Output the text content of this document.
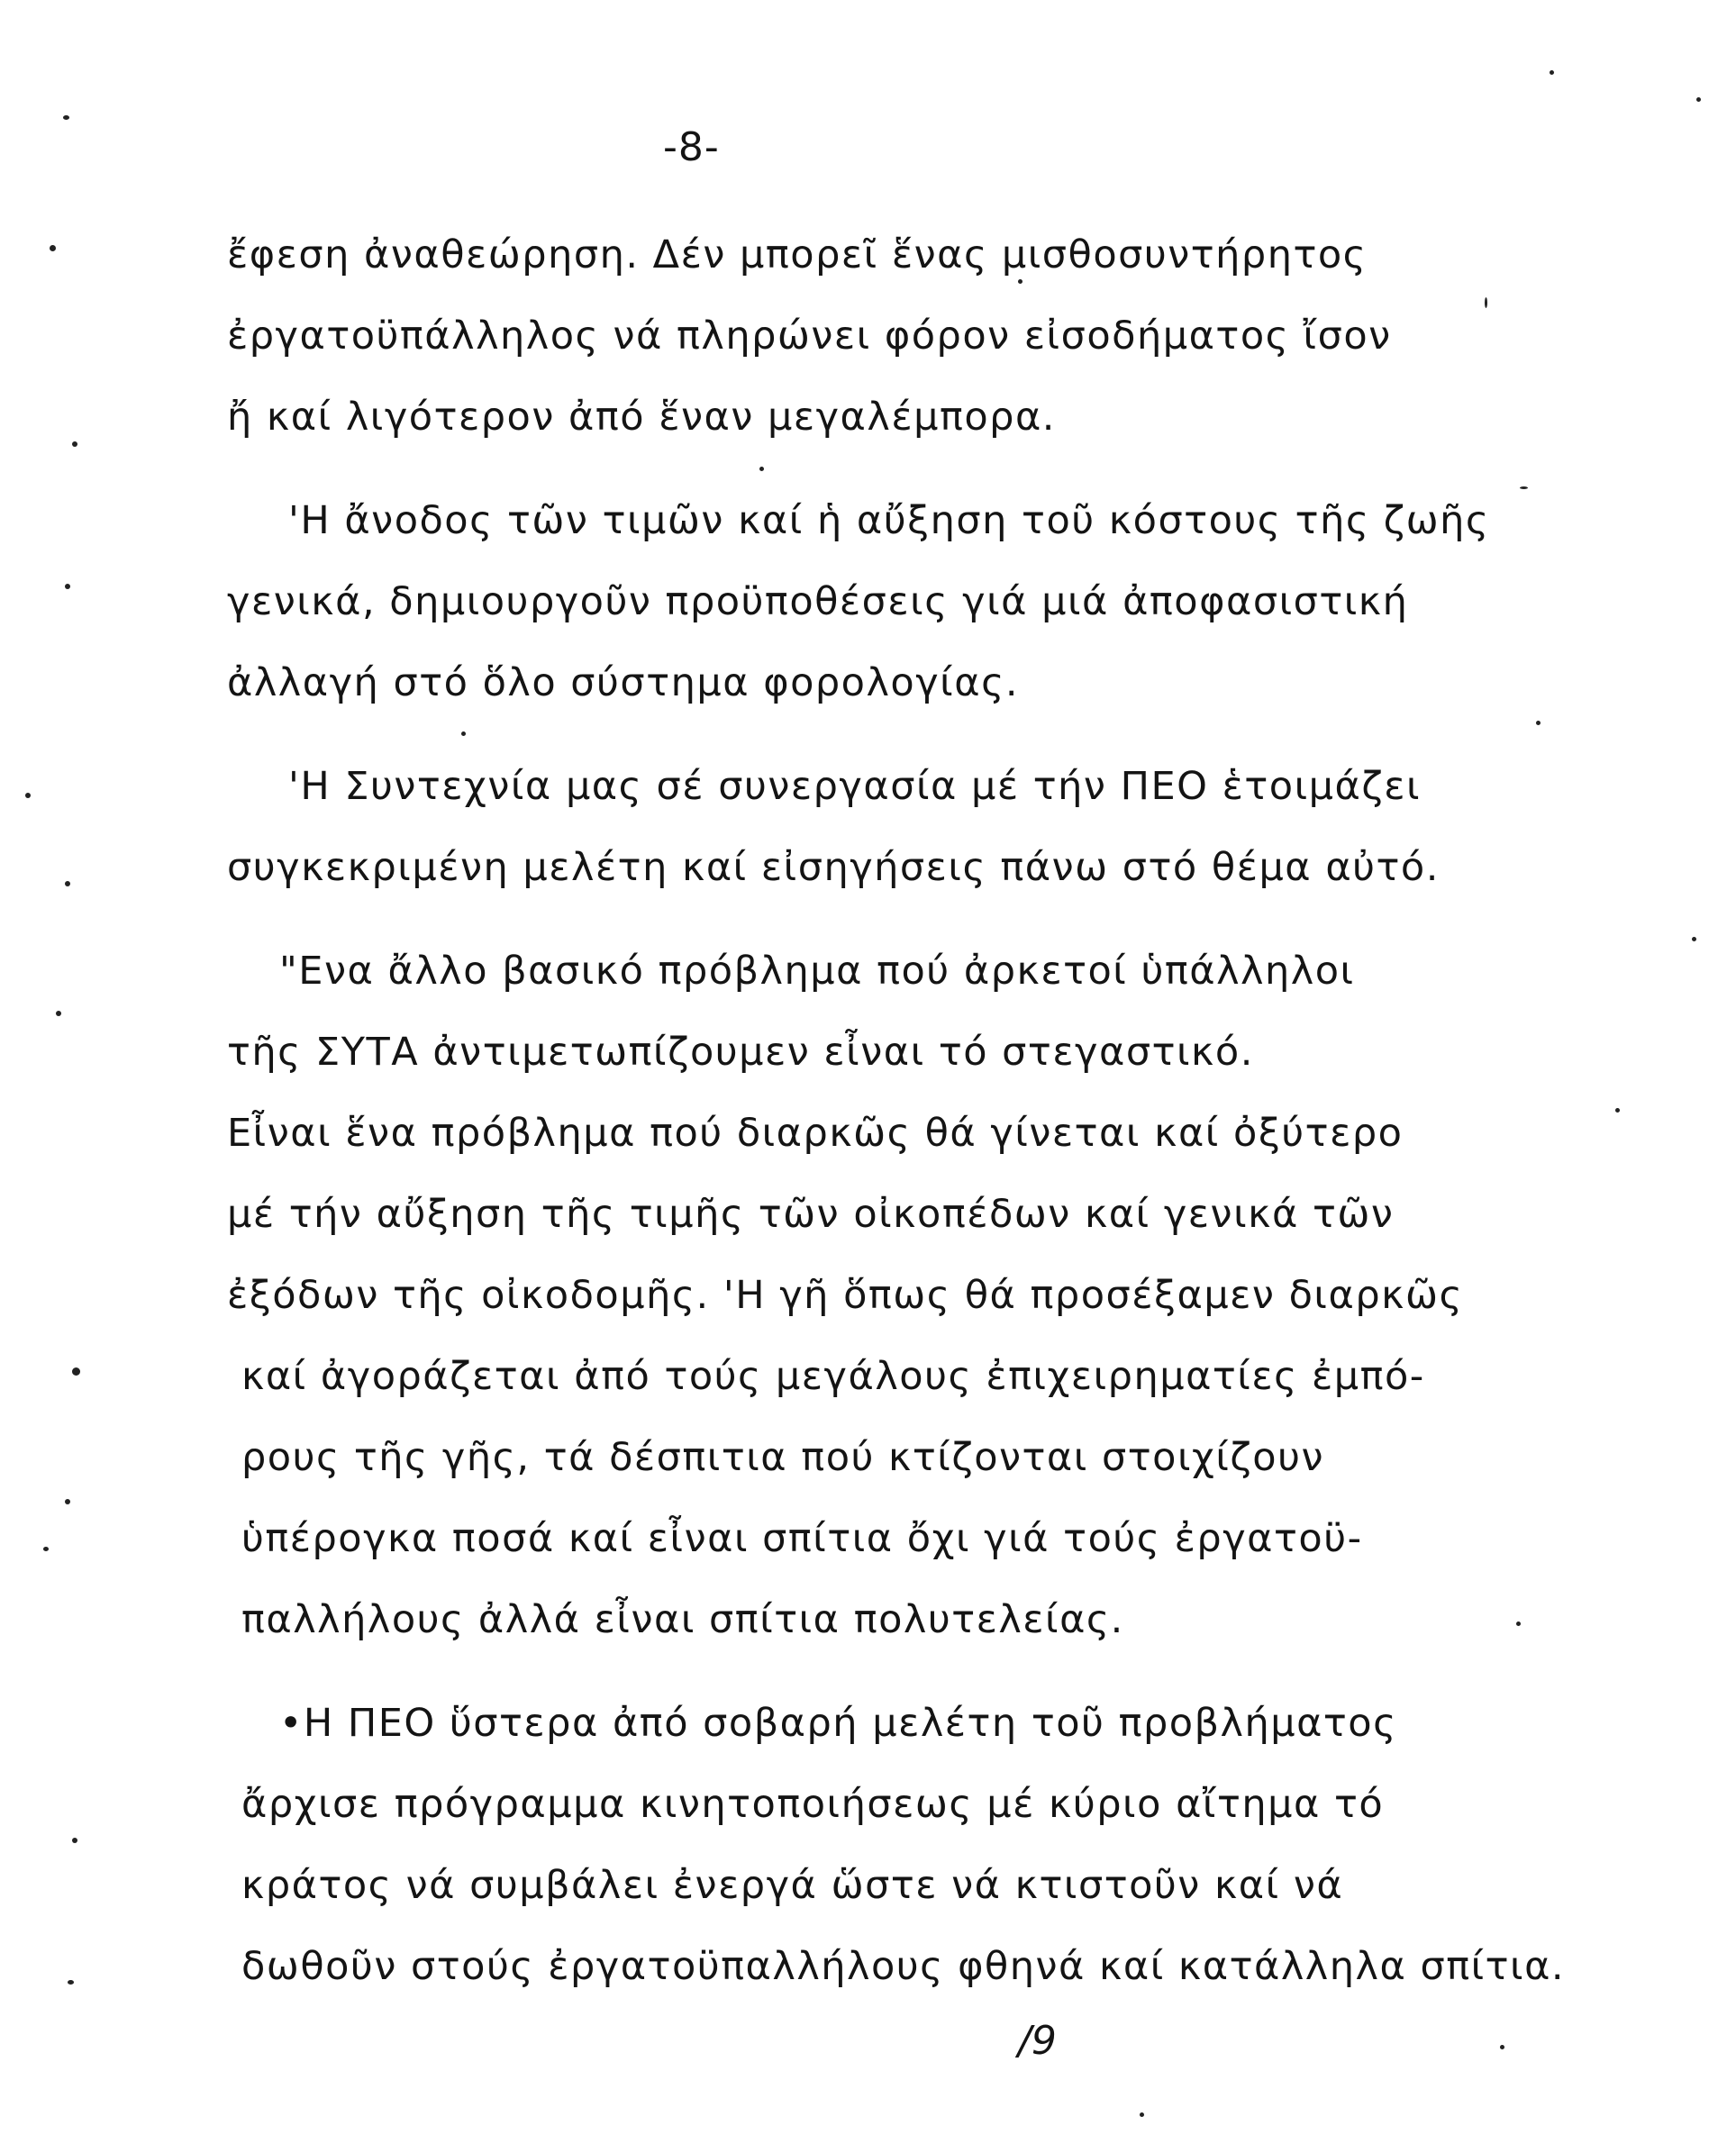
-8-
ἔφεση ἀναθεώρηση. Δέν μπορεῖ ἕνας μισθοσυντήρητος
ἐργατοϋπάλληλος νά πληρώνει φόρον εἰσοδήματος ἴσον
ἤ καί λιγότερον ἀπό ἕναν μεγαλέμπορα.
'Η ἄνοδος τῶν τιμῶν καί ἡ αὔξηση τοῦ κόστους τῆς ζωῆς
γενικά, δημιουργοῦν προϋποθέσεις γιά μιά ἀποφασιστική
ἀλλαγή στό ὅλο σύστημα φορολογίας.
'Η Συντεχνία μας σέ συνεργασία μέ τήν ΠΕΟ ἑτοιμάζει
συγκεκριμένη μελέτη καί εἰσηγήσεις πάνω στό θέμα αὐτό.
"Ενα ἄλλο βασικό πρόβλημα πού ἀρκετοί ὑπάλληλοι
τῆς ΣΥΤΑ ἀντιμετωπίζουμεν εἶναι τό στεγαστικό.
Εἶναι ἕνα πρόβλημα πού διαρκῶς θά γίνεται καί ὀξύτερο
μέ τήν αὔξηση τῆς τιμῆς τῶν οἰκοπέδων καί γενικά τῶν
ἐξόδων τῆς οἰκοδομῆς. 'Η γῆ ὅπως θά προσέξαμεν διαρκῶς
καί ἀγοράζεται ἀπό τούς μεγάλους ἐπιχειρηματίες ἐμπό-
ρους τῆς γῆς, τά δέσπιτια πού κτίζονται στοιχίζουν
ὑπέρογκα ποσά καί εἶναι σπίτια ὄχι γιά τούς ἐργατοϋ-
παλλήλους ἀλλά εἶναι σπίτια πολυτελείας.
•Η ΠΕΟ ὕστερα ἀπό σοβαρή μελέτη τοῦ προβλήματος
ἄρχισε πρόγραμμα κινητοποιήσεως μέ κύριο αἴτημα τό
κράτος νά συμβάλει ἐνεργά ὥστε νά κτιστοῦν καί νά
δωθοῦν στούς ἐργατοϋπαλλήλους φθηνά καί κατάλληλα σπίτια.
/9
